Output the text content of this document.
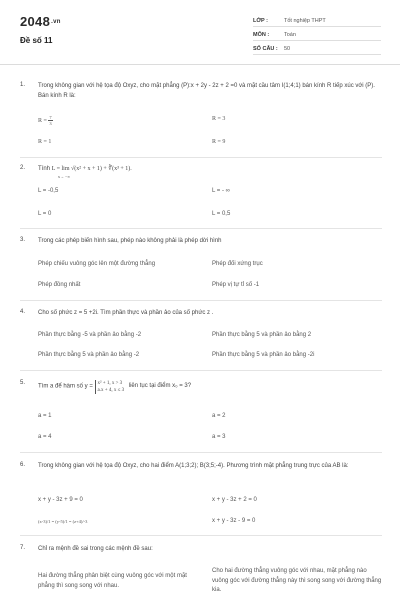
$2048^{.vn}$
Đề số 11
LỚP :	Tốt nghiệp THPT
MÔN :	Toán
SỐ CÂU : 50
1. Trong không gian với hệ tọa độ Oxyz, cho mặt phẳng (P):x + 2y - 2z + 2 =0 và mặt cầu tâm I(1;4;1) bán kính R tiếp xúc với (P). Bán kính R là:
$R = \frac{7}{3}$	R = 3
R = 1	R = 9
2. Tính L = lim √(x² + x + 1) + ∛(x³ + 1).
x→ −∞
L = -0,5	L = - ∞
L = 0	L = 0,5
3. Trong các phép biến hình sau, phép nào không phải là phép dời hình
Phép chiếu vuông góc lên một đường thẳng	Phép đối xứng trục
Phép đồng nhất	Phép vị tự tỉ số -1
4. Cho số phức z = 5 +2i. Tìm phần thực và phần ảo của số phức z .
Phần thực bằng -5 và phần ảo bằng -2	Phần thực bằng 5 và phần ảo bằng 2
Phần thực bằng 5 và phần ảo bằng -2	Phần thực bằng 5 và phần ảo bằng -2i
5.
Tìm a để hàm số y = x² + 1, x > 3
a.x + 4, x ≤ 3
liên tục tại điểm x₀ = 3?
a = 1	a = 2
a = 4	a = 3
6. Trong không gian với hệ tọa độ Oxyz, cho hai điểm A(1;3;2); B(3;5;-4). Phương trình mặt phẳng trung trực của AB là:
x + y - 3z + 9 = 0	x + y - 3z + 2 = 0
(x-3)/1 = (y-5)/1 = (z+4)/-3	x + y - 3z - 9 = 0
7. Chỉ ra mệnh đề sai trong các mệnh đề sau:
Hai đường thẳng phân biệt cùng vuông góc với một mặt phẳng thì song song với nhau.
Cho hai đường thẳng vuông góc với nhau, mặt phẳng nào vuông góc với đường thẳng này thì song song với đường thẳng kia.
